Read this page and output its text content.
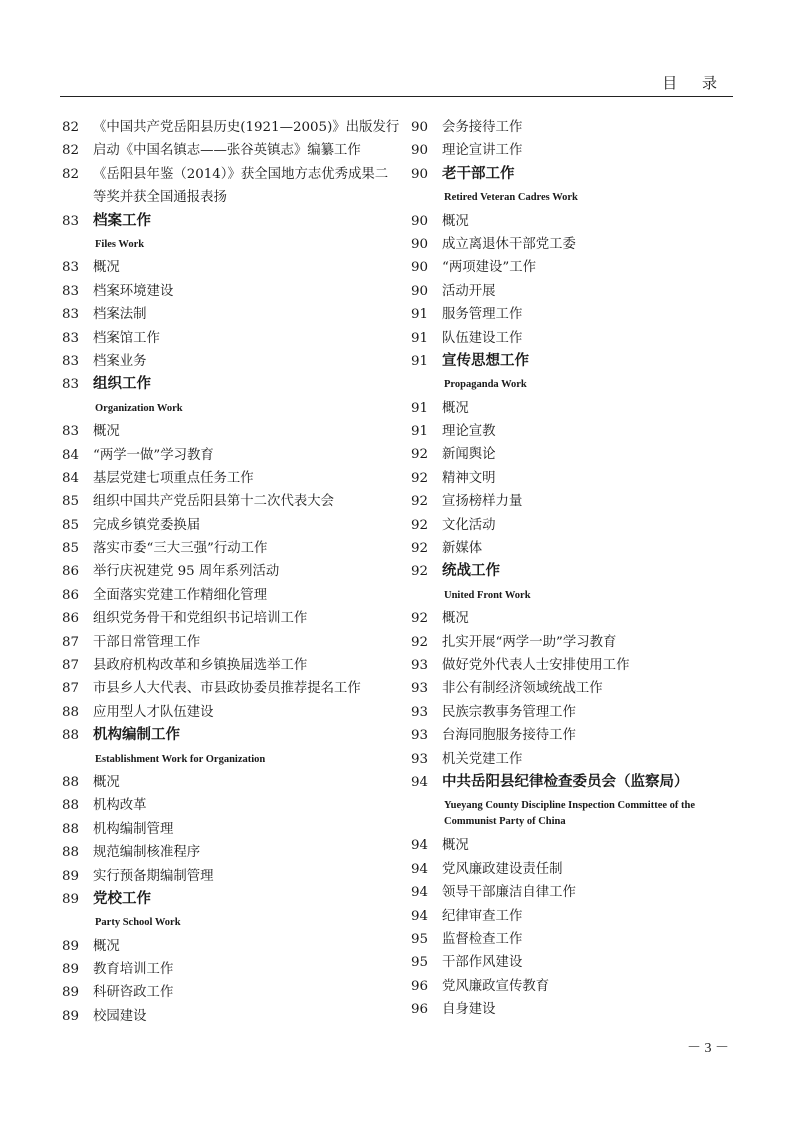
目 录
82	《中国共产党岳阳县历史(1921—2005)》出版发行
82	启动《中国名镇志——张谷英镇志》编纂工作
82	《岳阳县年鉴（2014）》获全国地方志优秀成果二等奖并获全国通报表扬
83 档案工作
Files Work
83	概况
83	档案环境建设
83	档案法制
83	档案馆工作
83	档案业务
83 组织工作
Organization Work
83	概况
84	“两学一做”学习教育
84	基层党建七项重点任务工作
85	组织中国共产党岳阳县第十二次代表大会
85	完成乡镇党委换届
85	落实市委“三大三强”行动工作
86	举行庆祝建党 95 周年系列活动
86	全面落实党建工作精细化管理
86	组织党务骨干和党组织书记培训工作
87	干部日常管理工作
87	县政府机构改革和乡镇换届选举工作
87	市县乡人大代表、市县政协委员推荐提名工作
88	应用型人才队伍建设
88 机构编制工作
Establishment Work for Organization
88	概况
88	机构改革
88	机构编制管理
88	规范编制核准程序
89	实行预备期编制管理
89 党校工作
Party School Work
89	概况
89	教育培训工作
89	科研咨政工作
89	校园建设
90	会务接待工作
90	理论宣讲工作
90 老干部工作
Retired Veteran Cadres Work
90	概况
90	成立离退休干部党工委
90	“两项建设”工作
90	活动开展
91	服务管理工作
91	队伍建设工作
91 宣传思想工作
Propaganda Work
91	概况
91	理论宣教
92	新闻舆论
92	精神文明
92	宣扬榜样力量
92	文化活动
92	新媒体
92 统战工作
United Front Work
92	概况
92	扎实开展“两学一助”学习教育
93	做好党外代表人士安排使用工作
93	非公有制经济领域统战工作
93	民族宗教事务管理工作
93	台海同胞服务接待工作
93	机关党建工作
94 中共岳阳县纪律检查委员会（监察局）
Yueyang County Discipline Inspection Committee of the Communist Party of China
94	概况
94	党风廉政建设责任制
94	领导干部廉洁自律工作
94	纪律审查工作
95	监督检查工作
95	干部作风建设
96	党风廉政宣传教育
96	自身建设
－ 3 －
